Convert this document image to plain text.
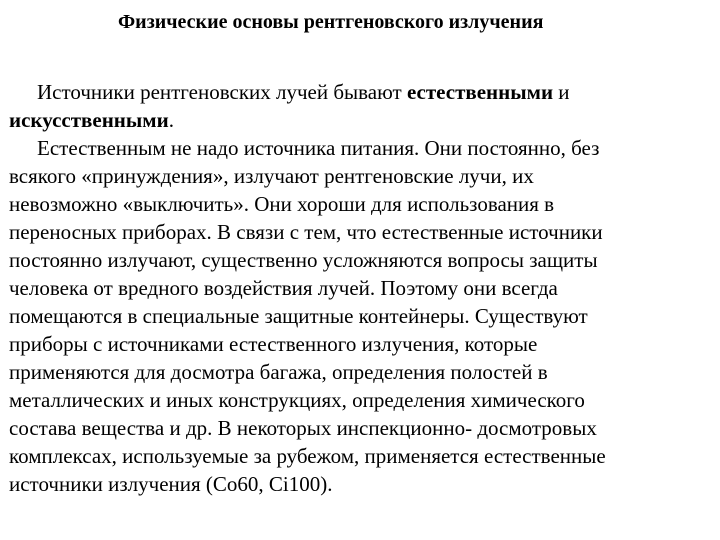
Физические основы рентгеновского излучения

Источники рентгеновских лучей бывают естественными и искусственными.

Естественным не надо источника питания. Они постоянно, без всякого «принуждения», излучают рентгеновские лучи, их невозможно «выключить». Они хороши для использования в переносных приборах. В связи с тем, что естественные источники постоянно излучают, существенно усложняются вопросы защиты человека от вредного воздействия лучей. Поэтому они всегда помещаются в специальные защитные контейнеры. Существуют приборы с источниками естественного излучения, которые применяются для досмотра багажа, определения полостей в металлических и иных конструкциях, определения химического состава вещества и др. В некоторых инспекционно- досмотровых комплексах, используемые за рубежом, применяется естественные источники излучения (Co60, Ci100).
